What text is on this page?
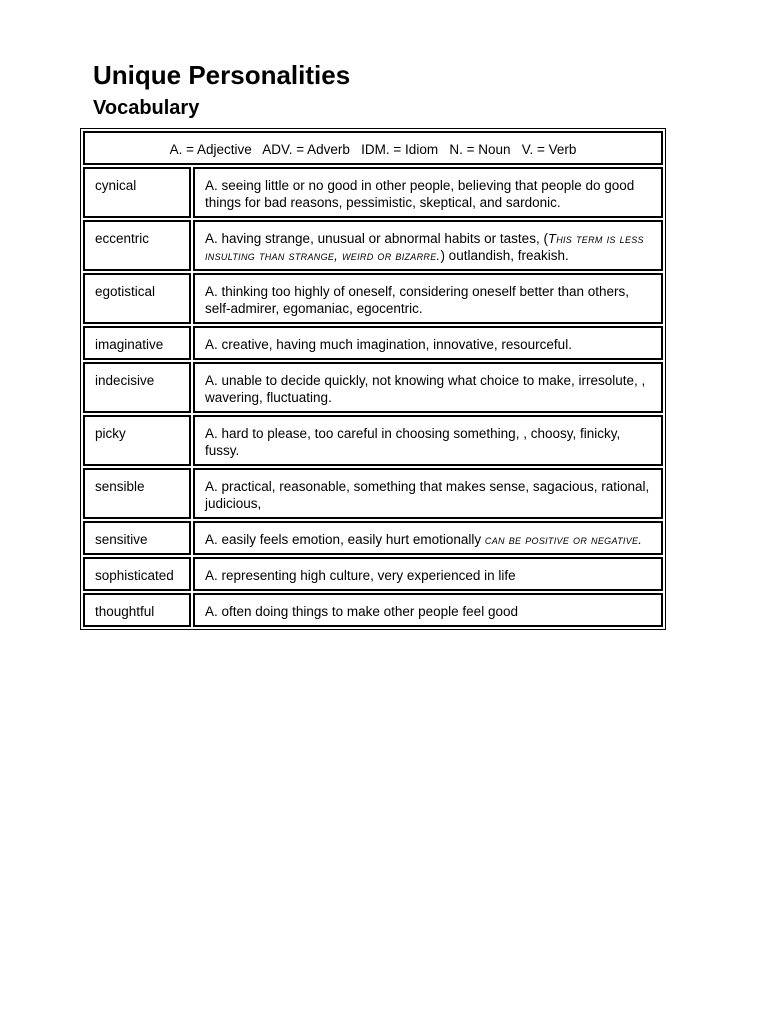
Unique Personalities
Vocabulary
A. = Adjective   ADV. = Adverb   IDM. = Idiom   N. = Noun   V. = Verb	
cynical	A. seeing little or no good in other people, believing that people do good things for bad reasons, pessimistic, skeptical, and sardonic.
eccentric	A. having strange, unusual or abnormal habits or tastes, (This term is less insulting than strange, weird or bizarre.) outlandish, freakish.
egotistical	A. thinking too highly of oneself, considering oneself better than others, self-admirer, egomaniac, egocentric.
imaginative	A. creative, having much imagination, innovative, resourceful.
indecisive	A. unable to decide quickly, not knowing what choice to make, irresolute, , wavering, fluctuating.
picky	A. hard to please, too careful in choosing something, , choosy, finicky, fussy.
sensible	A. practical, reasonable, something that makes sense, sagacious, rational, judicious,
sensitive	A. easily feels emotion, easily hurt emotionally can be positive or negative.
sophisticated	A. representing high culture, very experienced in life
thoughtful	A. often doing things to make other people feel good
